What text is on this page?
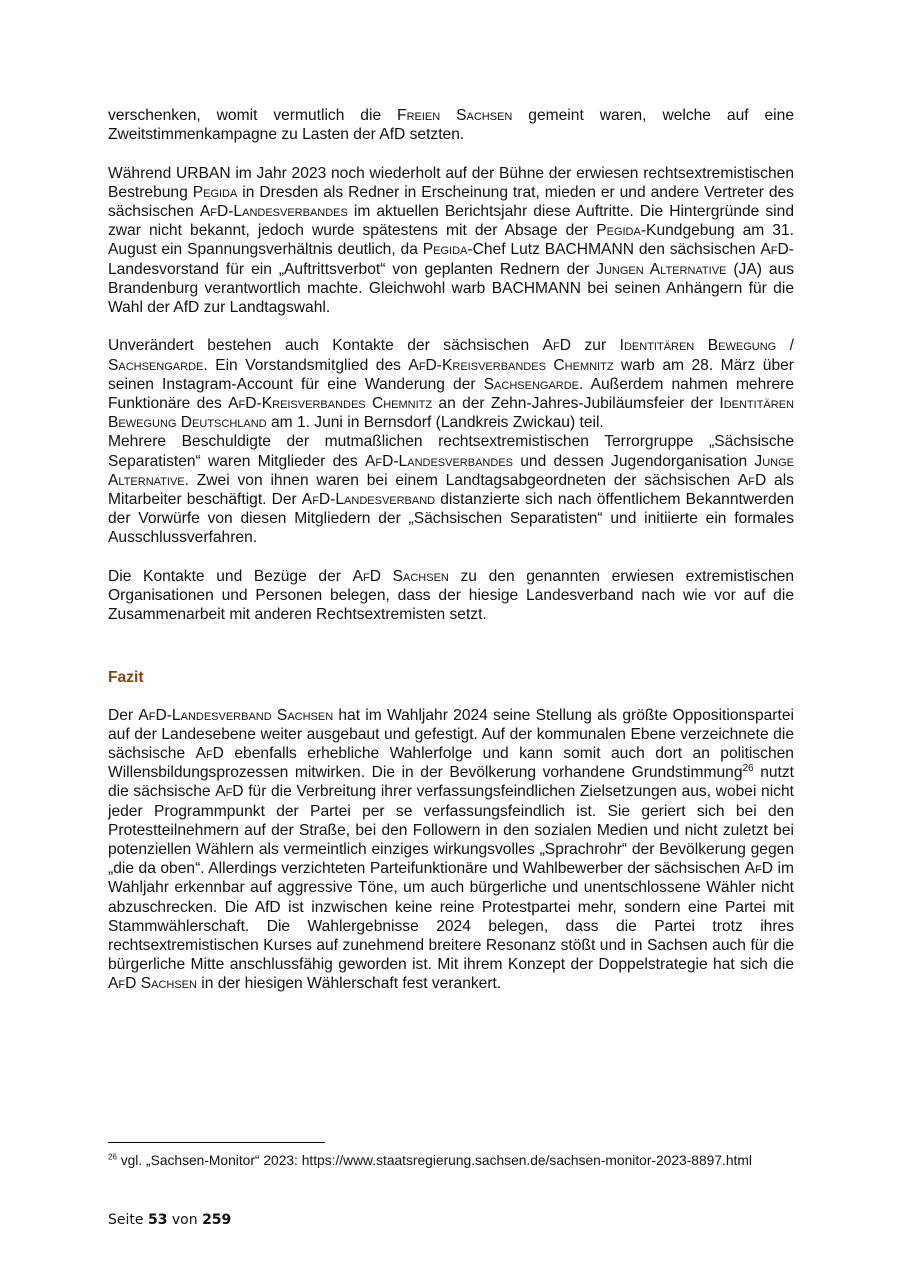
verschenken, womit vermutlich die Freien Sachsen gemeint waren, welche auf eine Zweitstimmenkampagne zu Lasten der AfD setzten.

Während URBAN im Jahr 2023 noch wiederholt auf der Bühne der erwiesen rechtsextremistischen Bestrebung Pegida in Dresden als Redner in Erscheinung trat, mieden er und andere Vertreter des sächsischen AfD-Landesverbandes im aktuellen Berichtsjahr diese Auftritte. Die Hintergründe sind zwar nicht bekannt, jedoch wurde spätestens mit der Absage der Pegida-Kundgebung am 31. August ein Spannungsverhältnis deutlich, da Pegida-Chef Lutz BACHMANN den sächsischen AfD-Landesvorstand für ein „Auftrittsverbot“ von geplanten Rednern der Jungen Alternative (JA) aus Brandenburg verantwortlich machte. Gleichwohl warb BACHMANN bei seinen Anhängern für die Wahl der AfD zur Landtagswahl.

Unverändert bestehen auch Kontakte der sächsischen AfD zur Identitären Bewegung / Sachsengarde. Ein Vorstandsmitglied des AfD-Kreisverbandes Chemnitz warb am 28. März über seinen Instagram-Account für eine Wanderung der Sachsengarde. Außerdem nahmen mehrere Funktionäre des AfD-Kreisverbandes Chemnitz an der Zehn-Jahres-Jubiläumsfeier der Identitären Bewegung Deutschland am 1. Juni in Bernsdorf (Landkreis Zwickau) teil.

Mehrere Beschuldigte der mutmaßlichen rechtsextremistischen Terrorgruppe „Sächsische Separatisten“ waren Mitglieder des AfD-Landesverbandes und dessen Jugendorganisation Junge Alternative. Zwei von ihnen waren bei einem Landtagsabgeordneten der sächsischen AfD als Mitarbeiter beschäftigt. Der AfD-Landesverband distanzierte sich nach öffentlichem Bekanntwerden der Vorwürfe von diesen Mitgliedern der „Sächsischen Separatisten“ und initiierte ein formales Ausschlussverfahren.

Die Kontakte und Bezüge der AfD Sachsen zu den genannten erwiesen extremistischen Organisationen und Personen belegen, dass der hiesige Landesverband nach wie vor auf die Zusammenarbeit mit anderen Rechtsextremisten setzt.

Fazit

Der AfD-Landesverband Sachsen hat im Wahljahr 2024 seine Stellung als größte Oppositionspartei auf der Landesebene weiter ausgebaut und gefestigt. Auf der kommunalen Ebene verzeichnete die sächsische AfD ebenfalls erhebliche Wahlerfolge und kann somit auch dort an politischen Willensbildungsprozessen mitwirken. Die in der Bevölkerung vorhandene Grundstimmung$^{26}$ nutzt die sächsische AfD für die Verbreitung ihrer verfassungsfeindlichen Zielsetzungen aus, wobei nicht jeder Programmpunkt der Partei per se verfassungsfeindlich ist. Sie geriert sich bei den Protestteilnehmern auf der Straße, bei den Followern in den sozialen Medien und nicht zuletzt bei potenziellen Wählern als vermeintlich einziges wirkungsvolles „Sprachrohr“ der Bevölkerung gegen „die da oben“. Allerdings verzichteten Parteifunktionäre und Wahlbewerber der sächsischen AfD im Wahljahr erkennbar auf aggressive Töne, um auch bürgerliche und unentschlossene Wähler nicht abzuschrecken. Die AfD ist inzwischen keine reine Protestpartei mehr, sondern eine Partei mit Stammwählerschaft. Die Wahlergebnisse 2024 belegen, dass die Partei trotz ihres rechtsextremistischen Kurses auf zunehmend breitere Resonanz stößt und in Sachsen auch für die bürgerliche Mitte anschlussfähig geworden ist. Mit ihrem Konzept der Doppelstrategie hat sich die AfD Sachsen in der hiesigen Wählerschaft fest verankert.

$^{26}$ vgl. „Sachsen-Monitor“ 2023: https://www.staatsregierung.sachsen.de/sachsen-monitor-2023-8897.html
Seite 53 von 259
